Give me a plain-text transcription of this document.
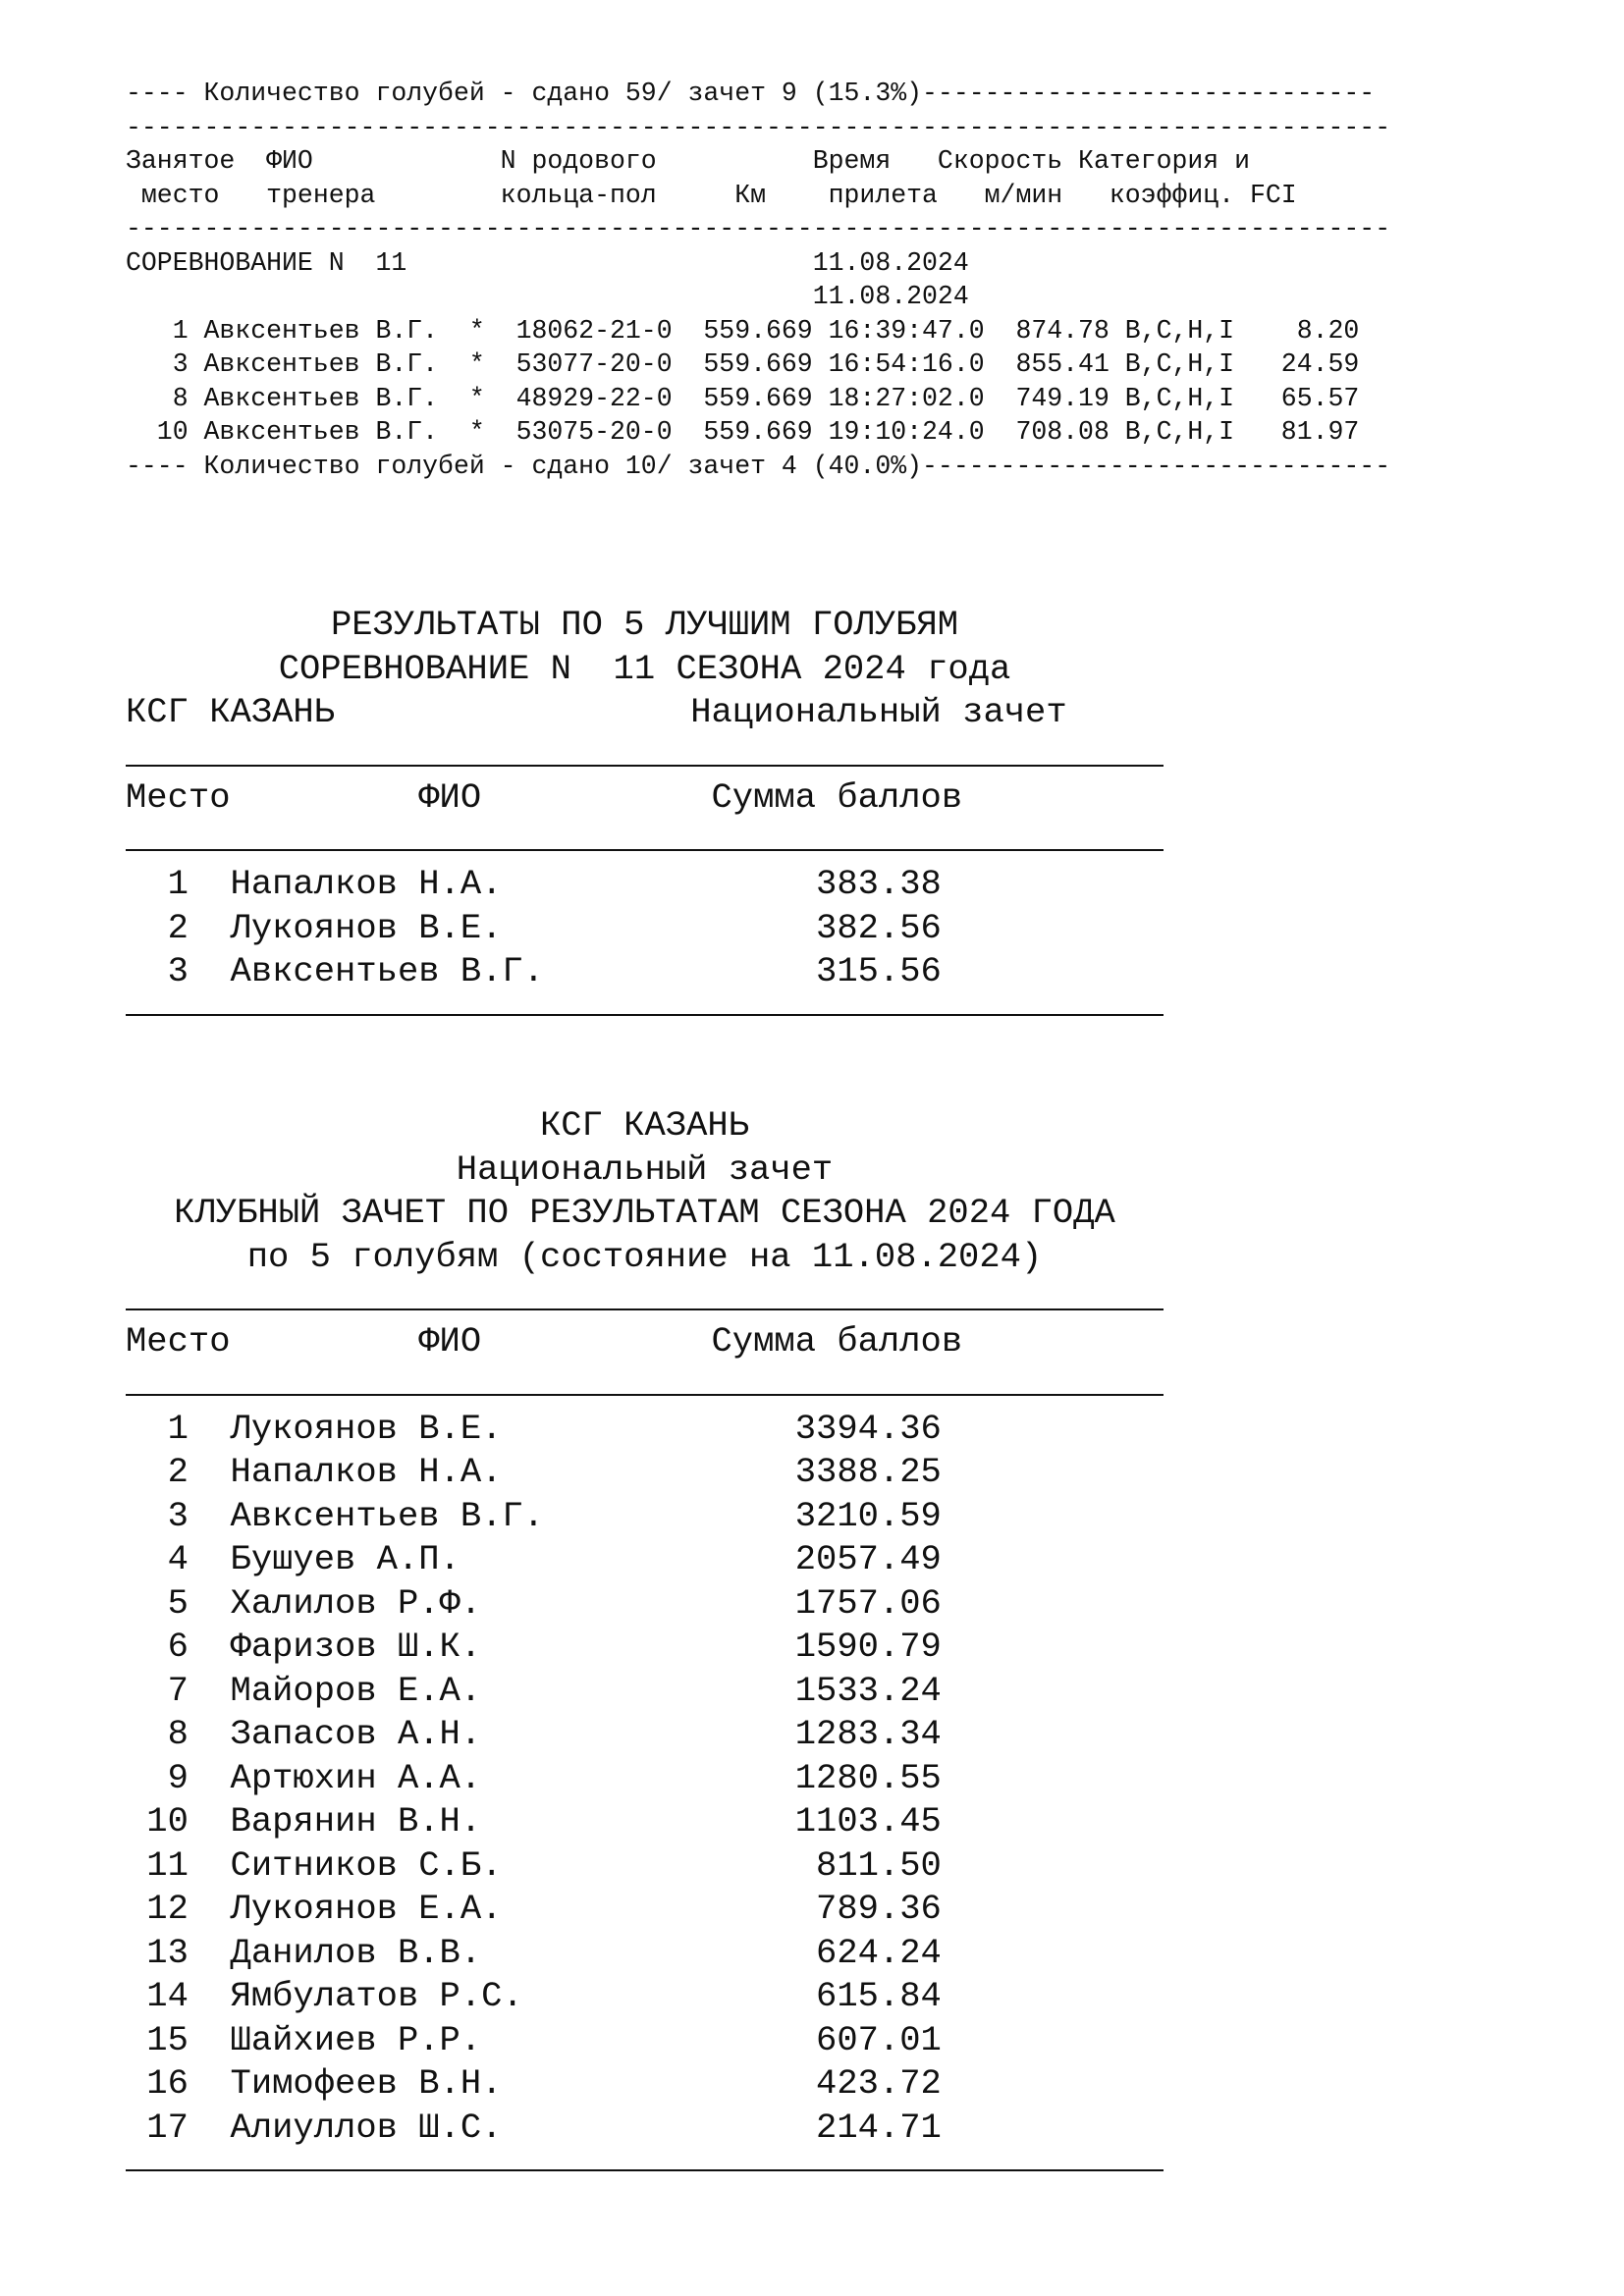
---- Количество голубей - сдано 59/ зачет 9 (15.3%)-----------------------------
---------------------------------------------------------------------------------
Занятое  ФИО            N родового          Время   Скорость Категория и
место   тренера        кольца-пол     Км    прилета   м/мин   коэффиц. FCI
---------------------------------------------------------------------------------
СОРЕВНОВАНИЕ N  11                          11.08.2024
11.08.2024
1 Авксентьев В.Г.  *  18062-21-0  559.669 16:39:47.0  874.78 B,C,H,I    8.20
3 Авксентьев В.Г.  *  53077-20-0  559.669 16:54:16.0  855.41 B,C,H,I   24.59
8 Авксентьев В.Г.  *  48929-22-0  559.669 18:27:02.0  749.19 B,C,H,I   65.57
10 Авксентьев В.Г.  *  53075-20-0  559.669 19:10:24.0  708.08 B,C,H,I   81.97
---- Количество голубей - сдано 10/ зачет 4 (40.0%)------------------------------
РЕЗУЛЬТАТЫ ПО 5 ЛУЧШИМ ГОЛУБЯМ
СОРЕВНОВАНИЕ N  11 СЕЗОНА 2024 года
КСГ КАЗАНЬ                 Национальный зачет
Место         ФИО           Сумма баллов
1  Напалков Н.А.               383.38
2  Лукоянов В.Е.               382.56
3  Авксентьев В.Г.             315.56
КСГ КАЗАНЬ
Национальный зачет
КЛУБНЫЙ ЗАЧЕТ ПО РЕЗУЛЬТАТАМ СЕЗОНА 2024 ГОДА
по 5 голубям (состояние на 11.08.2024)
Место         ФИО           Сумма баллов
1  Лукоянов В.Е.              3394.36
2  Напалков Н.А.              3388.25
3  Авксентьев В.Г.            3210.59
4  Бушуев А.П.                2057.49
5  Халилов Р.Ф.               1757.06
6  Фаризов Ш.К.               1590.79
7  Майоров Е.А.               1533.24
8  Запасов А.Н.               1283.34
9  Артюхин А.А.               1280.55
10  Варянин В.Н.               1103.45
11  Ситников С.Б.               811.50
12  Лукоянов Е.А.               789.36
13  Данилов В.В.                624.24
14  Ямбулатов Р.С.              615.84
15  Шайхиев Р.Р.                607.01
16  Тимофеев В.Н.               423.72
17  Алиуллов Ш.С.               214.71
